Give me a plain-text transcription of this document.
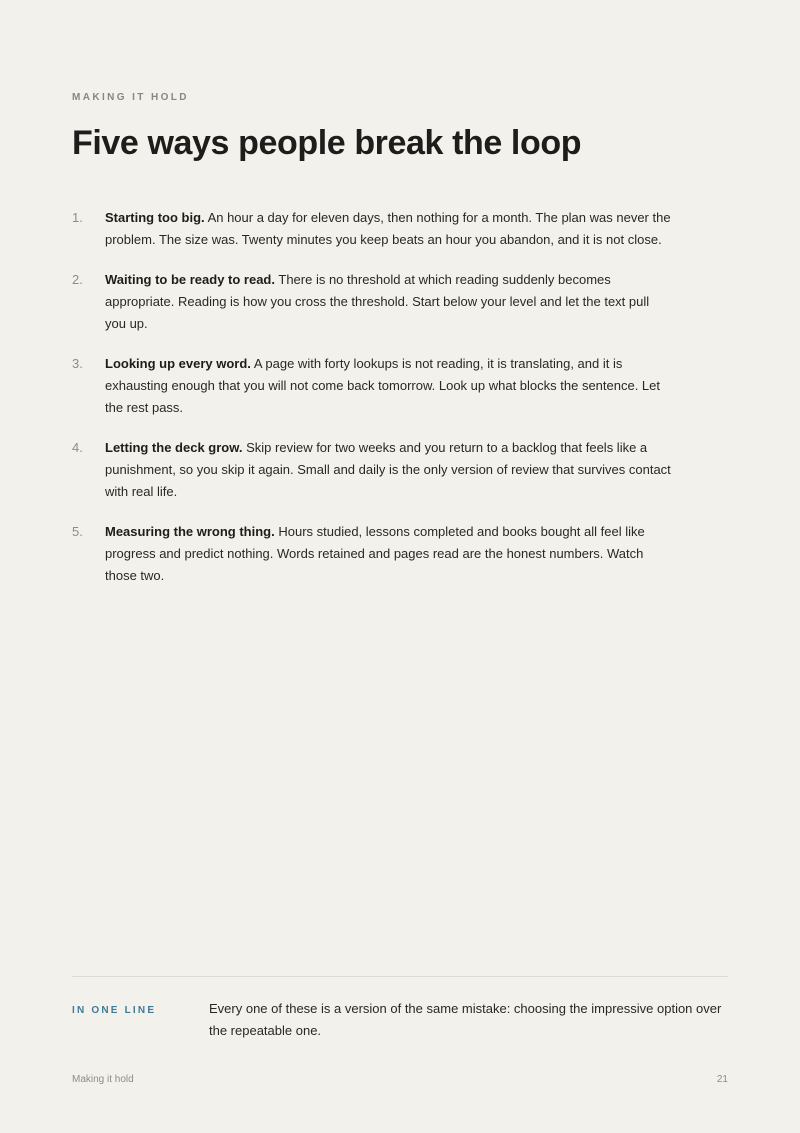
MAKING IT HOLD
Five ways people break the loop
1. Starting too big. An hour a day for eleven days, then nothing for a month. The plan was never the problem. The size was. Twenty minutes you keep beats an hour you abandon, and it is not close.
2. Waiting to be ready to read. There is no threshold at which reading suddenly becomes appropriate. Reading is how you cross the threshold. Start below your level and let the text pull you up.
3. Looking up every word. A page with forty lookups is not reading, it is translating, and it is exhausting enough that you will not come back tomorrow. Look up what blocks the sentence. Let the rest pass.
4. Letting the deck grow. Skip review for two weeks and you return to a backlog that feels like a punishment, so you skip it again. Small and daily is the only version of review that survives contact with real life.
5. Measuring the wrong thing. Hours studied, lessons completed and books bought all feel like progress and predict nothing. Words retained and pages read are the honest numbers. Watch those two.
IN ONE LINE	Every one of these is a version of the same mistake: choosing the impressive option over the repeatable one.
Making it hold	21
